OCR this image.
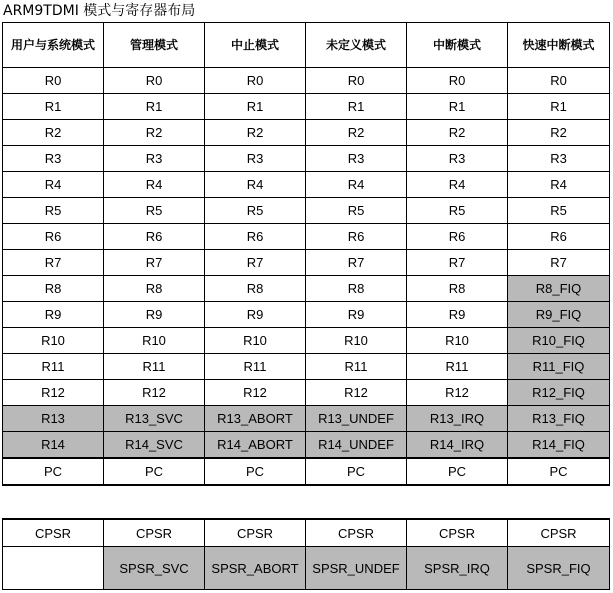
ARM9TDMI 模式与寄存器布局
用户与系统模式	管理模式	中止模式	未定义模式	中断模式	快速中断模式
R0	R0	R0	R0	R0	R0
R1	R1	R1	R1	R1	R1
R2	R2	R2	R2	R2	R2
R3	R3	R3	R3	R3	R3
R4	R4	R4	R4	R4	R4
R5	R5	R5	R5	R5	R5
R6	R6	R6	R6	R6	R6
R7	R7	R7	R7	R7	R7
R8	R8	R8	R8	R8	R8_FIQ
R9	R9	R9	R9	R9	R9_FIQ
R10	R10	R10	R10	R10	R10_FIQ
R11	R11	R11	R11	R11	R11_FIQ
R12	R12	R12	R12	R12	R12_FIQ
R13	R13_SVC	R13_ABORT	R13_UNDEF	R13_IRQ	R13_FIQ
R14	R14_SVC	R14_ABORT	R14_UNDEF	R14_IRQ	R14_FIQ
PC	PC	PC	PC	PC	PC
CPSR	CPSR	CPSR	CPSR	CPSR	CPSR
	SPSR_SVC	SPSR_ABORT	SPSR_UNDEF	SPSR_IRQ	SPSR_FIQ
